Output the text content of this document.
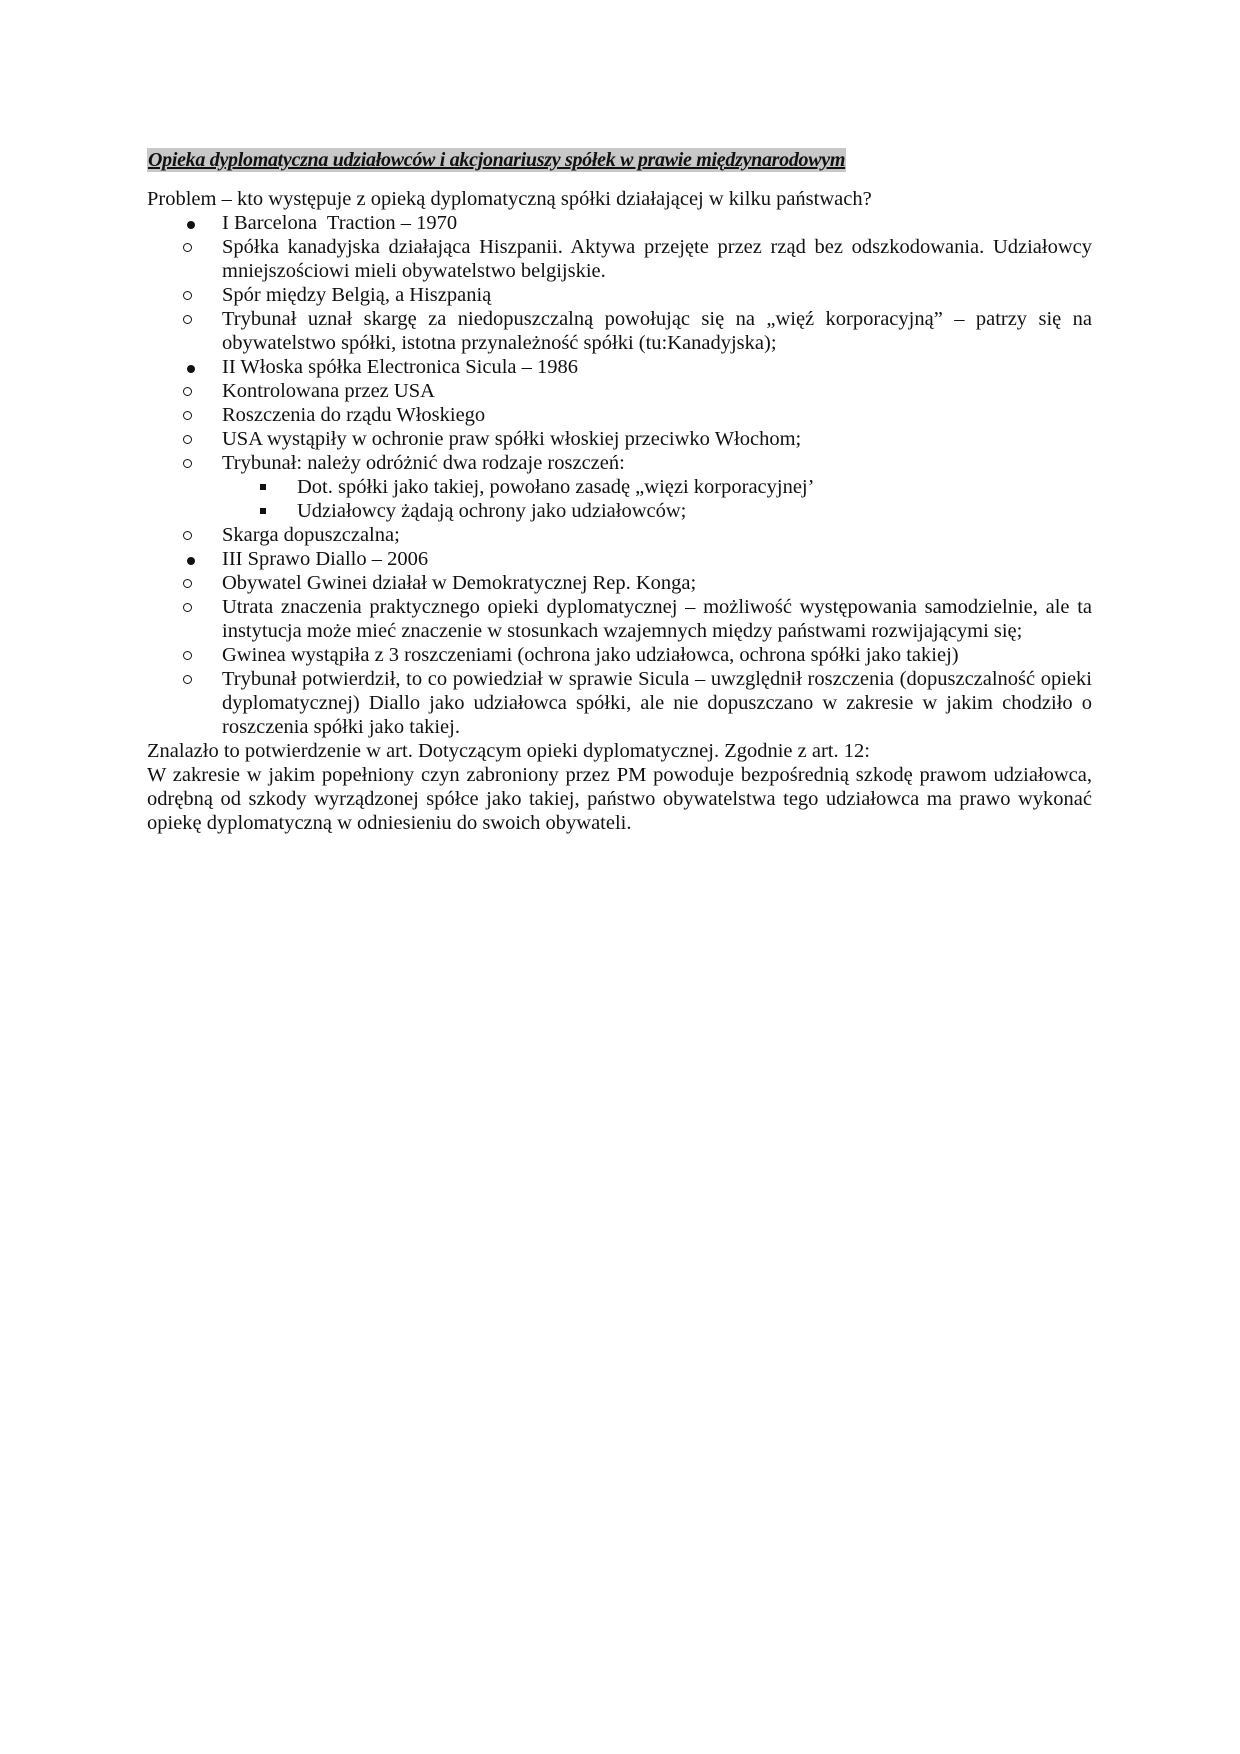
Opieka dyplomatyczna udziałowców i akcjonariuszy spółek w prawie międzynarodowym

Problem – kto występuje z opieką dyplomatyczną spółki działającej w kilku państwach?

I Barcelona  Traction – 1970
Spółka kanadyjska działająca Hiszpanii. Aktywa przejęte przez rząd bez odszkodowania. Udziałowcy mniejszościowi mieli obywatelstwo belgijskie.
Spór między Belgią, a Hiszpanią
Trybunał uznał skargę za niedopuszczalną powołując się na „więź korporacyjną” – patrzy się na obywatelstwo spółki, istotna przynależność spółki (tu:Kanadyjska);
II Włoska spółka Electronica Sicula – 1986
Kontrolowana przez USA
Roszczenia do rządu Włoskiego
USA wystąpiły w ochronie praw spółki włoskiej przeciwko Włochom;
Trybunał: należy odróżnić dwa rodzaje roszczeń:
Dot. spółki jako takiej, powołano zasadę „więzi korporacyjnej’
Udziałowcy żądają ochrony jako udziałowców;
Skarga dopuszczalna;
III Sprawo Diallo – 2006
Obywatel Gwinei działał w Demokratycznej Rep. Konga;
Utrata znaczenia praktycznego opieki dyplomatycznej – możliwość występowania samodzielnie, ale ta instytucja może mieć znaczenie w stosunkach wzajemnych między państwami rozwijającymi się;
Gwinea wystąpiła z 3 roszczeniami (ochrona jako udziałowca, ochrona spółki jako takiej)
Trybunał potwierdził, to co powiedział w sprawie Sicula – uwzględnił roszczenia (dopuszczalność opieki dyplomatycznej) Diallo jako udziałowca spółki, ale nie dopuszczano w zakresie w jakim chodziło o roszczenia spółki jako takiej.

Znalazło to potwierdzenie w art. Dotyczącym opieki dyplomatycznej. Zgodnie z art. 12:

W zakresie w jakim popełniony czyn zabroniony przez PM powoduje bezpośrednią szkodę prawom udziałowca, odrębną od szkody wyrządzonej spółce jako takiej, państwo obywatelstwa tego udziałowca ma prawo wykonać opiekę dyplomatyczną w odniesieniu do swoich obywateli.
